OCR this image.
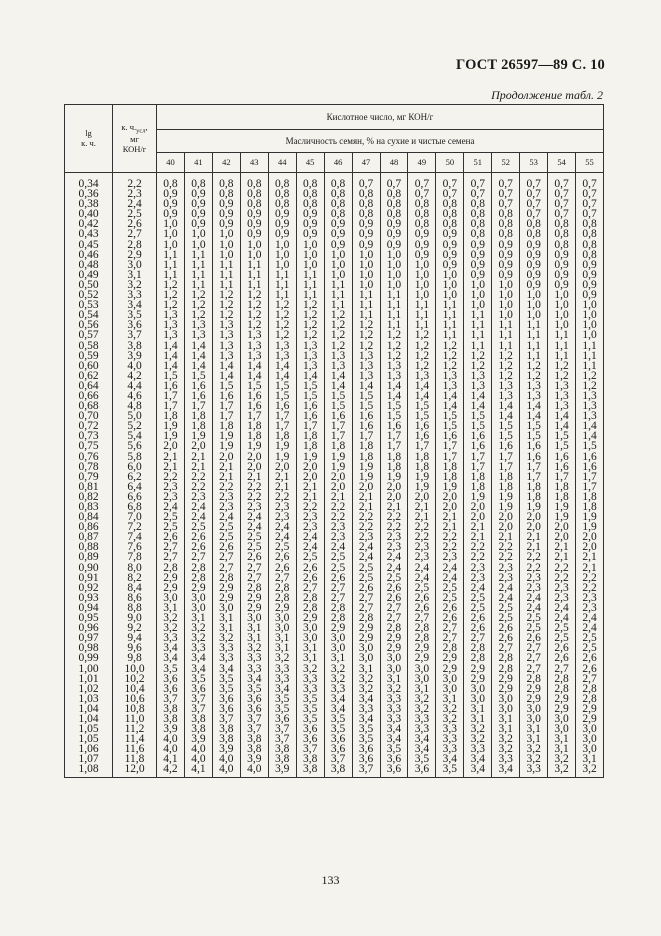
ГОСТ 26597—89 С. 10
Продолжение табл. 2
lg
к. ч.	к. $ч._{усл}$,
мг
КОН/г	Кислотное число, мг КОН/г															
		Масличность семян, % на сухие и чистые семена															
		40	41	42	43	44	45	46	47	48	49	50	51	52	53	54	55
0,34	2,2	0,8	0,8	0,8	0,8	0,8	0,8	0,8	0,7	0,7	0,7	0,7	0,7	0,7	0,7	0,7	0,7
0,36	2,3	0,9	0,9	0,8	0,8	0,8	0,8	0,8	0,8	0,8	0,7	0,7	0,7	0,7	0,7	0,7	0,7
0,38	2,4	0,9	0,9	0,9	0,8	0,8	0,8	0,8	0,8	0,8	0,8	0,8	0,8	0,7	0,7	0,7	0,7
0,40	2,5	0,9	0,9	0,9	0,9	0,9	0,9	0,8	0,8	0,8	0,8	0,8	0,8	0,8	0,7	0,7	0,7
0,42	2,6	1,0	0,9	0,9	0,9	0,9	0,9	0,9	0,9	0,9	0,8	0,8	0,8	0,8	0,8	0,8	0,8
0,43	2,7	1,0	1,0	1,0	0,9	0,9	0,9	0,9	0,9	0,9	0,9	0,9	0,8	0,8	0,8	0,8	0,8
0,45	2,8	1,0	1,0	1,0	1,0	1,0	1,0	0,9	0,9	0,9	0,9	0,9	0,9	0,9	0,9	0,8	0,8
0,46	2,9	1,1	1,1	1,0	1,0	1,0	1,0	1,0	1,0	1,0	0,9	0,9	0,9	0,9	0,9	0,9	0,8
0,48	3,0	1,1	1,1	1,1	1,1	1,0	1,0	1,0	1,0	1,0	1,0	0,9	0,9	0,9	0,9	0,9	0,9
0,49	3,1	1,1	1,1	1,1	1,1	1,1	1,1	1,0	1,0	1,0	1,0	1,0	0,9	0,9	0,9	0,9	0,9
0,50	3,2	1,2	1,1	1,1	1,1	1,1	1,1	1,1	1,0	1,0	1,0	1,0	1,0	1,0	0,9	0,9	0,9
0,52	3,3	1,2	1,2	1,2	1,2	1,1	1,1	1,1	1,1	1,1	1,0	1,0	1,0	1,0	1,0	1,0	0,9
0,53	3,4	1,2	1,2	1,2	1,2	1,2	1,2	1,1	1,1	1,1	1,1	1,1	1,0	1,0	1,0	1,0	1,0
0,54	3,5	1,3	1,2	1,2	1,2	1,2	1,2	1,2	1,1	1,1	1,1	1,1	1,1	1,0	1,0	1,0	1,0
0,56	3,6	1,3	1,3	1,3	1,2	1,2	1,2	1,2	1,2	1,1	1,1	1,1	1,1	1,1	1,1	1,0	1,0
0,57	3,7	1,3	1,3	1,3	1,3	1,2	1,2	1,2	1,2	1,2	1,2	1,1	1,1	1,1	1,1	1,1	1,0
0,58	3,8	1,4	1,4	1,3	1,3	1,3	1,3	1,2	1,2	1,2	1,2	1,2	1,1	1,1	1,1	1,1	1,1
0,59	3,9	1,4	1,4	1,3	1,3	1,3	1,3	1,3	1,3	1,2	1,2	1,2	1,2	1,2	1,1	1,1	1,1
0,60	4,0	1,4	1,4	1,4	1,4	1,4	1,3	1,3	1,3	1,3	1,2	1,2	1,2	1,2	1,2	1,2	1,1
0,62	4,2	1,5	1,5	1,4	1,4	1,4	1,4	1,4	1,3	1,3	1,3	1,3	1,3	1,2	1,2	1,2	1,2
0,64	4,4	1,6	1,6	1,5	1,5	1,5	1,5	1,4	1,4	1,4	1,4	1,3	1,3	1,3	1,3	1,3	1,2
0,66	4,6	1,7	1,6	1,6	1,6	1,5	1,5	1,5	1,5	1,4	1,4	1,4	1,4	1,3	1,3	1,3	1,3
0,68	4,8	1,7	1,7	1,7	1,6	1,6	1,6	1,5	1,5	1,5	1,5	1,4	1,4	1,4	1,4	1,3	1,3
0,70	5,0	1,8	1,8	1,7	1,7	1,7	1,6	1,6	1,6	1,5	1,5	1,5	1,5	1,4	1,4	1,4	1,3
0,72	5,2	1,9	1,8	1,8	1,8	1,7	1,7	1,7	1,6	1,6	1,6	1,5	1,5	1,5	1,5	1,4	1,4
0,73	5,4	1,9	1,9	1,9	1,8	1,8	1,8	1,7	1,7	1,7	1,6	1,6	1,6	1,5	1,5	1,5	1,4
0,75	5,6	2,0	2,0	1,9	1,9	1,9	1,8	1,8	1,8	1,7	1,7	1,7	1,6	1,6	1,6	1,5	1,5
0,76	5,8	2,1	2,1	2,0	2,0	1,9	1,9	1,9	1,8	1,8	1,8	1,7	1,7	1,7	1,6	1,6	1,6
0,78	6,0	2,1	2,1	2,1	2,0	2,0	2,0	1,9	1,9	1,8	1,8	1,8	1,7	1,7	1,7	1,6	1,6
0,79	6,2	2,2	2,2	2,1	2,1	2,1	2,0	2,0	1,9	1,9	1,9	1,8	1,8	1,8	1,7	1,7	1,7
0,81	6,4	2,3	2,2	2,2	2,2	2,1	2,1	2,0	2,0	2,0	1,9	1,9	1,8	1,8	1,8	1,8	1,7
0,82	6,6	2,3	2,3	2,3	2,2	2,2	2,1	2,1	2,1	2,0	2,0	2,0	1,9	1,9	1,8	1,8	1,8
0,83	6,8	2,4	2,4	2,3	2,3	2,3	2,2	2,2	2,1	2,1	2,1	2,0	2,0	1,9	1,9	1,9	1,8
0,84	7,0	2,5	2,4	2,4	2,4	2,3	2,3	2,2	2,2	2,2	2,1	2,1	2,0	2,0	2,0	1,9	1,9
0,86	7,2	2,5	2,5	2,5	2,4	2,4	2,3	2,3	2,2	2,2	2,2	2,1	2,1	2,0	2,0	2,0	1,9
0,87	7,4	2,6	2,6	2,5	2,5	2,4	2,4	2,3	2,3	2,3	2,2	2,2	2,1	2,1	2,1	2,0	2,0
0,88	7,6	2,7	2,6	2,6	2,5	2,5	2,4	2,4	2,4	2,3	2,3	2,2	2,2	2,2	2,1	2,1	2,0
0,89	7,8	2,7	2,7	2,7	2,6	2,6	2,5	2,5	2,4	2,4	2,3	2,3	2,2	2,2	2,2	2,1	2,1
0,90	8,0	2,8	2,8	2,7	2,7	2,6	2,6	2,5	2,5	2,4	2,4	2,4	2,3	2,3	2,2	2,2	2,1
0,91	8,2	2,9	2,8	2,8	2,7	2,7	2,6	2,6	2,5	2,5	2,4	2,4	2,3	2,3	2,3	2,2	2,2
0,92	8,4	2,9	2,9	2,9	2,8	2,8	2,7	2,7	2,6	2,6	2,5	2,5	2,4	2,4	2,3	2,3	2,2
0,93	8,6	3,0	3,0	2,9	2,9	2,8	2,8	2,7	2,7	2,6	2,6	2,5	2,5	2,4	2,4	2,3	2,3
0,94	8,8	3,1	3,0	3,0	2,9	2,9	2,8	2,8	2,7	2,7	2,6	2,6	2,5	2,5	2,4	2,4	2,3
0,95	9,0	3,2	3,1	3,1	3,0	3,0	2,9	2,8	2,8	2,7	2,7	2,6	2,6	2,5	2,5	2,4	2,4
0,96	9,2	3,2	3,2	3,1	3,1	3,0	3,0	2,9	2,9	2,8	2,8	2,7	2,6	2,6	2,5	2,5	2,4
0,97	9,4	3,3	3,2	3,2	3,1	3,1	3,0	3,0	2,9	2,9	2,8	2,7	2,7	2,6	2,6	2,5	2,5
0,98	9,6	3,4	3,3	3,3	3,2	3,1	3,1	3,0	3,0	2,9	2,9	2,8	2,8	2,7	2,7	2,6	2,5
0,99	9,8	3,4	3,4	3,3	3,3	3,2	3,1	3,1	3,0	3,0	2,9	2,9	2,8	2,8	2,7	2,6	2,6
1,00	10,0	3,5	3,4	3,4	3,3	3,3	3,2	3,2	3,1	3,0	3,0	2,9	2,9	2,8	2,7	2,7	2,6
1,01	10,2	3,6	3,5	3,5	3,4	3,3	3,3	3,2	3,2	3,1	3,0	3,0	2,9	2,9	2,8	2,8	2,7
1,02	10,4	3,6	3,6	3,5	3,5	3,4	3,3	3,3	3,2	3,2	3,1	3,0	3,0	2,9	2,9	2,8	2,8
1,03	10,6	3,7	3,7	3,6	3,6	3,5	3,5	3,4	3,4	3,3	3,2	3,1	3,0	3,0	2,9	2,9	2,8
1,04	10,8	3,8	3,7	3,6	3,6	3,5	3,5	3,4	3,3	3,3	3,2	3,2	3,1	3,0	3,0	2,9	2,9
1,04	11,0	3,8	3,8	3,7	3,7	3,6	3,5	3,5	3,4	3,3	3,3	3,2	3,1	3,1	3,0	3,0	2,9
1,05	11,2	3,9	3,8	3,8	3,7	3,7	3,6	3,5	3,5	3,4	3,3	3,3	3,2	3,1	3,1	3,0	3,0
1,05	11,4	4,0	3,9	3,8	3,8	3,7	3,6	3,6	3,5	3,4	3,4	3,3	3,2	3,2	3,1	3,1	3,0
1,06	11,6	4,0	4,0	3,9	3,8	3,8	3,7	3,6	3,6	3,5	3,4	3,3	3,3	3,2	3,2	3,1	3,0
1,07	11,8	4,1	4,0	4,0	3,9	3,8	3,8	3,7	3,6	3,6	3,5	3,4	3,4	3,3	3,2	3,2	3,1
1,08	12,0	4,2	4,1	4,0	4,0	3,9	3,8	3,8	3,7	3,6	3,6	3,5	3,4	3,4	3,3	3,2	3,2
133
